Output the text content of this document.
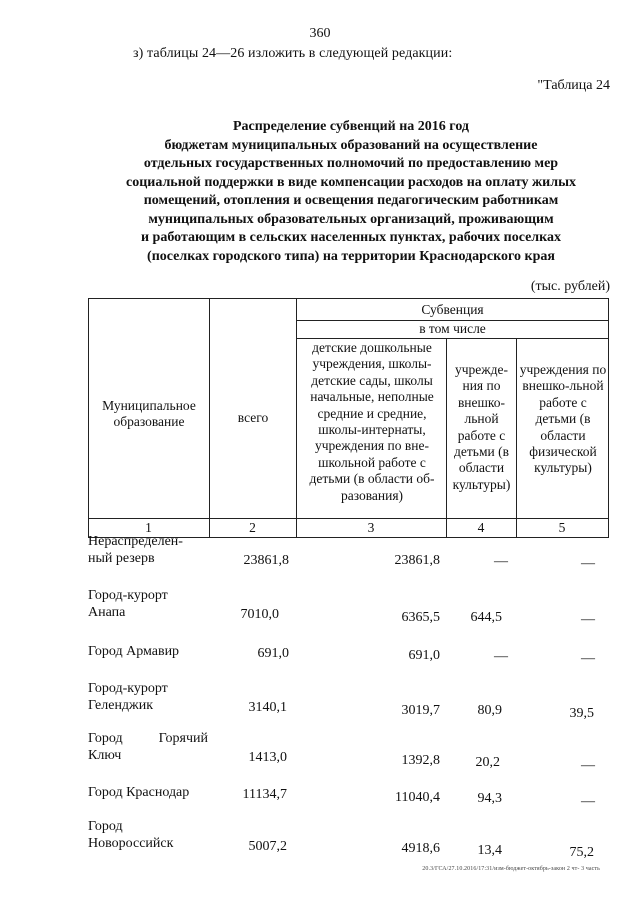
360
з) таблицы 24—26 изложить в следующей редакции:
"Таблица 24
Распределение субвенций на 2016 год
бюджетам муниципальных образований на осуществление
отдельных государственных полномочий по предоставлению мер
социальной поддержки в виде компенсации расходов на оплату жилых
помещений, отопления и освещения педагогическим работникам
муниципальных образовательных организаций, проживающим
и работающим в сельских населенных пунктах, рабочих поселках
(поселках городского типа) на территории Краснодарского края
(тыс. рублей)
Муниципальное образование	всего
Субвенция
в том числе
детские дошкольные учреждения, школы-детские сады, школы начальные, неполные средние и средние, школы-интернаты, учреждения по вне-школьной работе с детьми (в области об-разования)
учрежде-ния по внешко-льной работе с детьми (в области культуры)
учреждения по внешко-льной работе с детьми (в области физической культуры)
1	2	3	4	5
Нераспределен-ный резерв	23861,8	23861,8	—	—
Город-курорт Анапа	7010,0	6365,5	644,5	—
Город Армавир	691,0	691,0	—	—
Город-курорт Геленджик	3140,1	3019,7	80,9	39,5
Город Горячий Ключ	1413,0	1392,8	20,2	—
Город Краснодар	11134,7	11040,4	94,3	—
Город Новороссийск	5007,2	4918,6	13,4	75,2
20.3/ГСА/27.10.2016/17:31/изм-бюджет-октябрь-закон 2 чт- 3 часть
